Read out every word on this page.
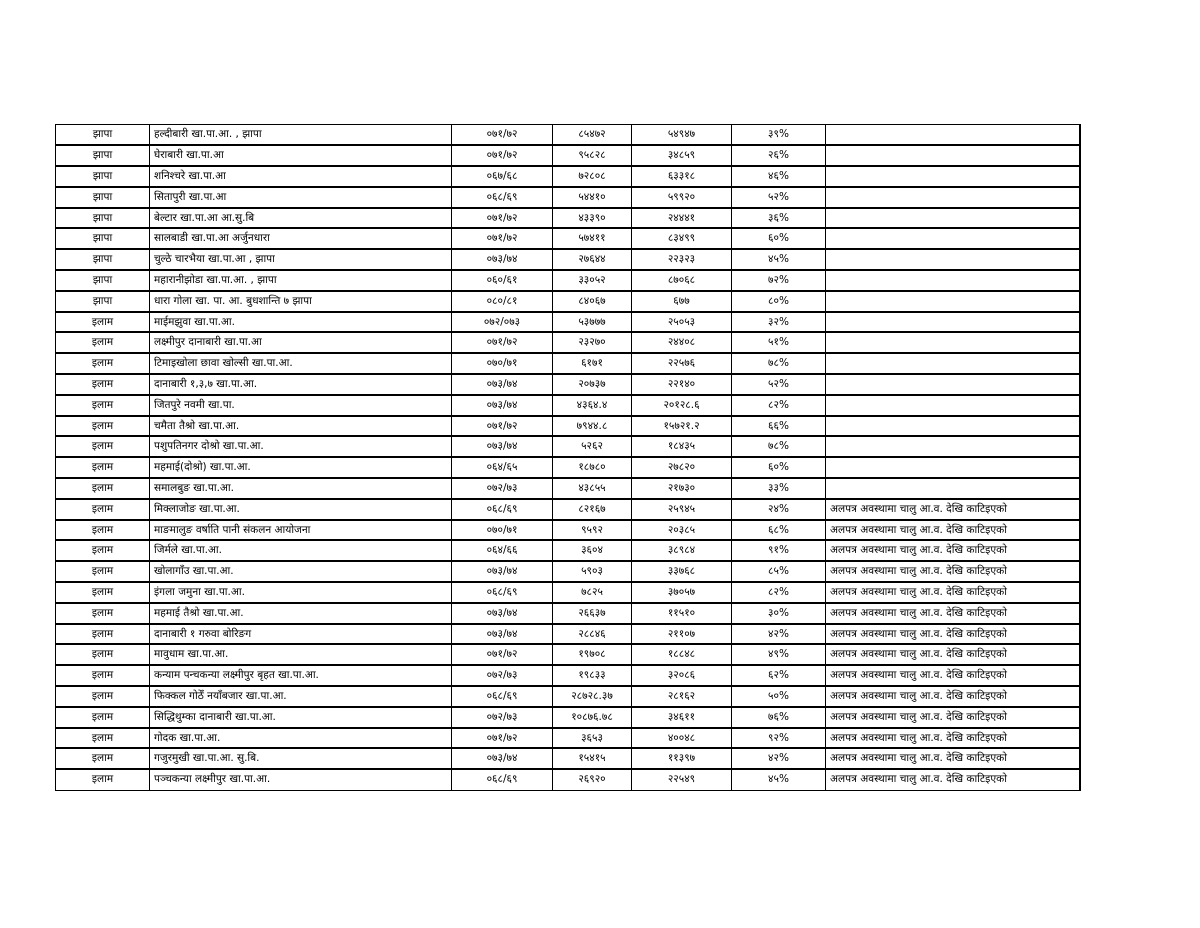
झापा	हल्दीबारी खा.पा.आ. , झापा	०७१/७२	८५४७२	५४९४७	३९%	
झापा	घेराबारी खा.पा.आ	०७१/७२	९५८२८	३४८५९	२६%	
झापा	शनिश्चरे खा.पा.आ	०६७/६८	७२८०८	६३३१८	४६%	
झापा	सितापुरी खा.पा.आ	०६८/६९	५४४१०	५९९२०	५२%	
झापा	बेल्टार खा.पा.आ आ.सु.बि	०७१/७२	४३३९०	२४४४१	३६%	
झापा	सालबाडी खा.पा.आ अर्जुनधारा	०७१/७२	५७४११	८३४९९	६०%	
झापा	चुल्ठे चारभैया खा.पा.आ , झापा	०७३/७४	२७६४४	२२३२३	४५%	
झापा	महारानीझोडा खा.पा.आ. , झापा	०६०/६१	३३०५२	८७०६८	७२%	
झापा	धारा गोला खा. पा. आ. बुधशान्ति ७ झापा	०८०/८१	८४०६७	६७७	८०%	
इलाम	माईमझुवा खा.पा.आ.	०७२/०७३	५३७७७	२५०५३	३२%	
इलाम	लक्ष्मीपुर दानाबारी खा.पा.आ	०७१/७२	२३२७०	२४४०८	५१%	
इलाम	टिमाइखोला छावा खोल्सी खा.पा.आ.	०७०/७१	६१७१	२२५७६	७८%	
इलाम	दानाबारी १,३,७ खा.पा.आ.	०७३/७४	२०७३७	२२१४०	५२%	
इलाम	जितपुरे नवमी खा.पा.	०७३/७४	४३६४.४	२०१२८.६	८२%	
इलाम	चमैता तैश्रो खा.पा.आ.	०७१/७२	७९४४.८	१५७२१.२	६६%	
इलाम	पशुपतिनगर दोश्रो खा.पा.आ.	०७३/७४	५२६२	१८४३५	७८%	
इलाम	महमाई(दोश्रो) खा.पा.आ.	०६४/६५	१८७८०	२७८२०	६०%	
इलाम	समालबुङ खा.पा.आ.	०७२/७३	४३८५५	२१७३०	३३%	
इलाम	मिक्लाजोङ खा.पा.आ.	०६८/६९	८२१६७	२५९४५	२४%	अलपत्र अवस्थामा चालु आ.व. देखि काटिइएको
इलाम	माङमालुङ वर्षाति पानी संकलन आयोजना	०७०/७१	९५९२	२०३८५	६८%	अलपत्र अवस्थामा चालु आ.व. देखि काटिइएको
इलाम	जिर्मले खा.पा.आ.	०६४/६६	३६०४	३८९८४	९१%	अलपत्र अवस्थामा चालु आ.व. देखि काटिइएको
इलाम	खोलागाँउ खा.पा.आ.	०७३/७४	५९०३	३३७६८	८५%	अलपत्र अवस्थामा चालु आ.व. देखि काटिइएको
इलाम	इंगला जमुना खा.पा.आ.	०६८/६९	७८२५	३७०५७	८२%	अलपत्र अवस्थामा चालु आ.व. देखि काटिइएको
इलाम	महमाई तैश्रो खा.पा.आ.	०७३/७४	२६६३७	११५१०	३०%	अलपत्र अवस्थामा चालु आ.व. देखि काटिइएको
इलाम	दानाबारी १ गरुवा बोरिङग	०७३/७४	२८८४६	२११०७	४२%	अलपत्र अवस्थामा चालु आ.व. देखि काटिइएको
इलाम	मावुधाम खा.पा.आ.	०७१/७२	१९७०८	१८८४८	४९%	अलपत्र अवस्थामा चालु आ.व. देखि काटिइएको
इलाम	कन्याम पन्चकन्या लक्ष्मीपुर बृहत खा.पा.आ.	०७२/७३	१९८३३	३२०८६	६२%	अलपत्र अवस्थामा चालु आ.व. देखि काटिइएको
इलाम	फिक्कल गोठेँ नयाँबजार खा.पा.आ.	०६८/६९	२८७२८.३७	२८१६२	५०%	अलपत्र अवस्थामा चालु आ.व. देखि काटिइएको
इलाम	सिद्धिथुम्का दानाबारी खा.पा.आ.	०७२/७३	१०८७६.७८	३४६११	७६%	अलपत्र अवस्थामा चालु आ.व. देखि काटिइएको
इलाम	गोदक खा.पा.आ.	०७१/७२	३६५३	४००४८	९२%	अलपत्र अवस्थामा चालु आ.व. देखि काटिइएको
इलाम	गजुरमुखी खा.पा.आ. सु.बि.	०७३/७४	१५४१५	११३९७	४२%	अलपत्र अवस्थामा चालु आ.व. देखि काटिइएको
इलाम	पञ्चकन्या लक्ष्मीपुर खा.पा.आ.	०६८/६९	२६९२०	२२५४९	४५%	अलपत्र अवस्थामा चालु आ.व. देखि काटिइएको
